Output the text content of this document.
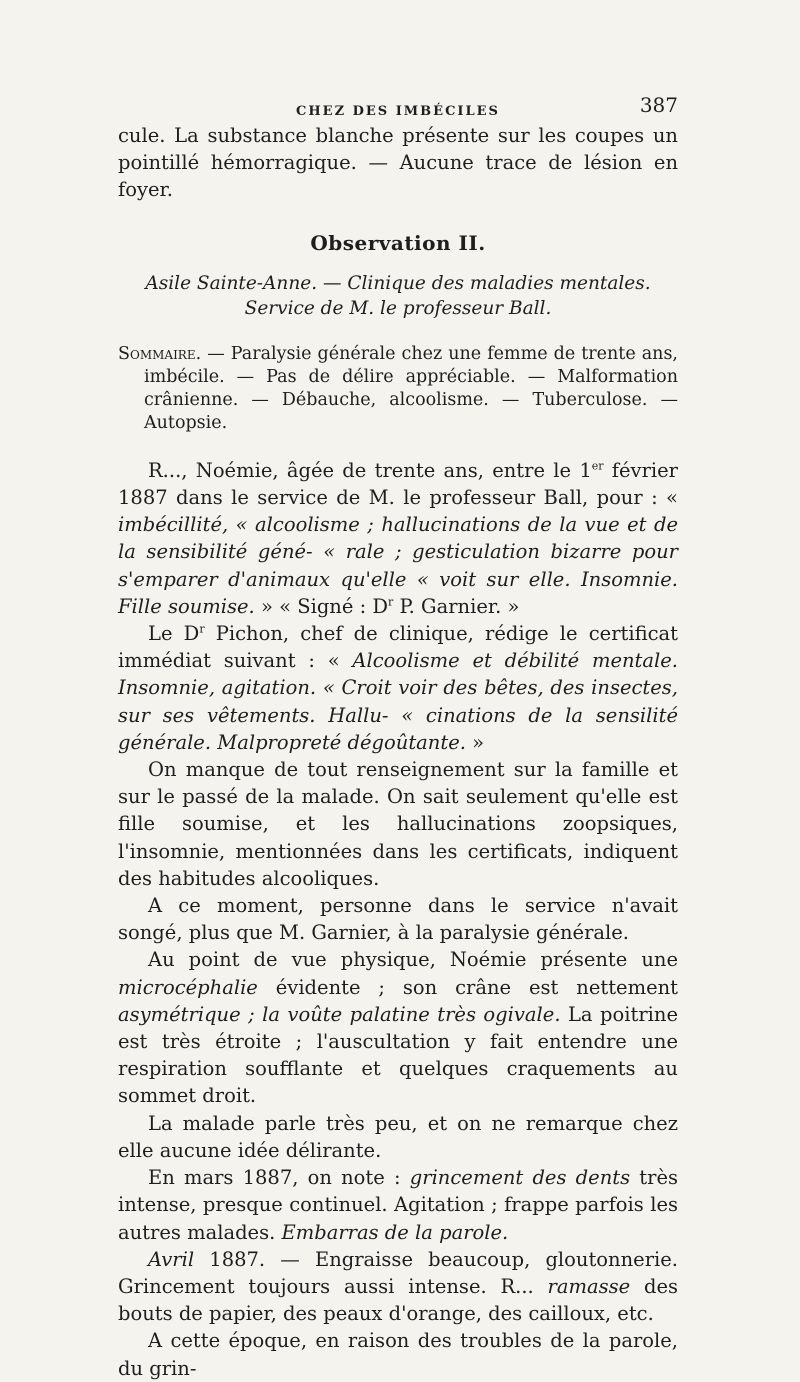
CHEZ DES IMBÉCILES	387

cule. La substance blanche présente sur les coupes un pointillé hémorragique. — Aucune trace de lésion en foyer.

Observation II.
Asile Sainte-Anne. — Clinique des maladies mentales.
Service de M. le professeur Ball.

Sommaire. — Paralysie générale chez une femme de trente ans, imbécile. — Pas de délire appréciable. — Malformation crânienne. — Débauche, alcoolisme. — Tuberculose. — Autopsie.

R..., Noémie, âgée de trente ans, entre le 1er février 1887 dans le service de M. le professeur Ball, pour : « imbécillité, « alcoolisme ; hallucinations de la vue et de la sensibilité géné- « rale ; gesticulation bizarre pour s'emparer d'animaux qu'elle « voit sur elle. Insomnie. Fille soumise. » « Signé : $D^r$ P. Garnier. »

Le $D^r$ Pichon, chef de clinique, rédige le certificat immédiat suivant : « Alcoolisme et débilité mentale. Insomnie, agitation. « Croit voir des bêtes, des insectes, sur ses vêtements. Hallu- « cinations de la sensilité générale. Malpropreté dégoûtante. »

On manque de tout renseignement sur la famille et sur le passé de la malade. On sait seulement qu'elle est fille soumise, et les hallucinations zoopsiques, l'insomnie, mentionnées dans les certificats, indiquent des habitudes alcooliques.

A ce moment, personne dans le service n'avait songé, plus que M. Garnier, à la paralysie générale.

Au point de vue physique, Noémie présente une microcéphalie évidente ; son crâne est nettement asymétrique ; la voûte palatine très ogivale. La poitrine est très étroite ; l'auscultation y fait entendre une respiration soufflante et quelques craquements au sommet droit.

La malade parle très peu, et on ne remarque chez elle aucune idée délirante.

En mars 1887, on note : grincement des dents très intense, presque continuel. Agitation ; frappe parfois les autres malades. Embarras de la parole.

Avril 1887. — Engraisse beaucoup, gloutonnerie. Grincement toujours aussi intense. R... ramasse des bouts de papier, des peaux d'orange, des cailloux, etc.

A cette époque, en raison des troubles de la parole, du grin-
